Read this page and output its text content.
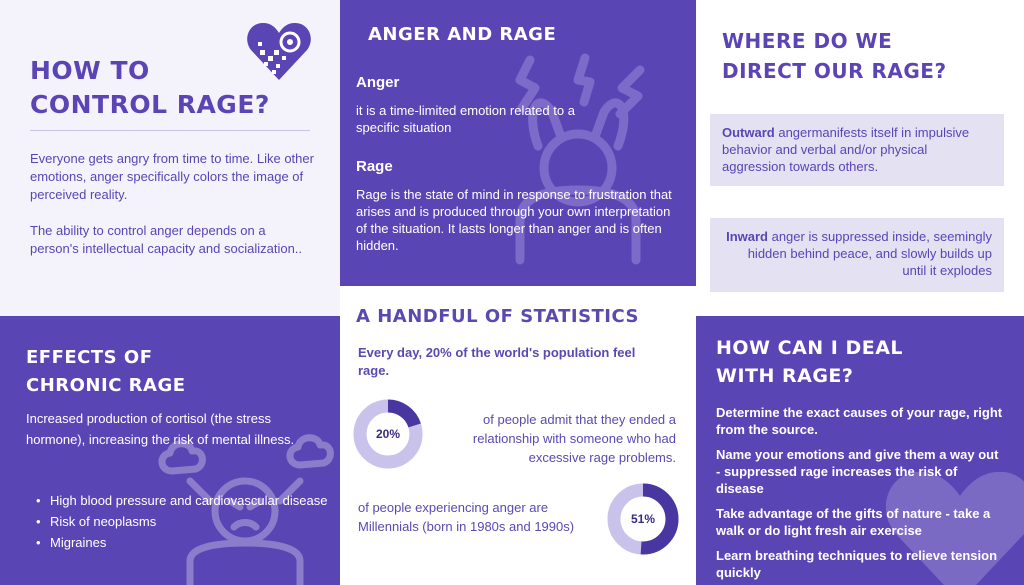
HOW TO
CONTROL RAGE?

Everyone gets angry from time to time. Like other emotions, anger specifically colors the image of perceived reality.

The ability to control anger depends on a person's intellectual capacity and socialization..

ANGER AND RAGE
Anger
it is a time-limited emotion related to a specific situation
Rage
Rage is the state of mind in response to frustration that arises and is produced through your own interpretation of the situation. It lasts longer than anger and is often hidden.
WHERE DO WE
DIRECT OUR RAGE?
Outward angermanifests itself in impulsive behavior and verbal and/or physical aggression towards others.
Inward anger is suppressed inside, seemingly hidden behind peace, and slowly builds up until it explodes
EFFECTS OF
CHRONIC RAGE
Increased production of cortisol (the stress hormone), increasing the risk of mental illness.
• High blood pressure and cardiovascular disease
• Risk of neoplasms
• Migraines
A HANDFUL OF STATISTICS
Every day, 20% of the world's population feel rage.
20%
of people admit that they ended a relationship with someone who had excessive rage problems.
of people experiencing anger are Millennials (born in 1980s and 1990s)	51%
HOW CAN I DEAL
WITH RAGE?

Determine the exact causes of your rage, right from the source.

Name your emotions and give them a way out - suppressed rage increases the risk of disease

Take advantage of the gifts of nature - take a walk or do light fresh air exercise

Learn breathing techniques to relieve tension quickly
